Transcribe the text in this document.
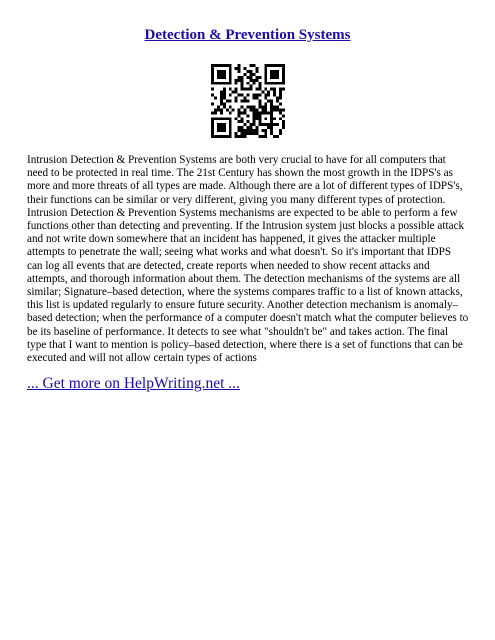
Detection & Prevention Systems
Intrusion Detection & Prevention Systems are both very crucial to have for all computers that need to be protected in real time. The 21st Century has shown the most growth in the IDPS's as more and more threats of all types are made. Although there are a lot of different types of IDPS's, their functions can be similar or very different, giving you many different types of protection. Intrusion Detection & Prevention Systems mechanisms are expected to be able to perform a few functions other than detecting and preventing. If the Intrusion system just blocks a possible attack and not write down somewhere that an incident has happened, it gives the attacker multiple attempts to penetrate the wall; seeing what works and what doesn't. So it's important that IDPS can log all events that are detected, create reports when needed to show recent attacks and attempts, and thorough information about them. The detection mechanisms of the systems are all similar; Signature–based detection, where the systems compares traffic to a list of known attacks, this list is updated regularly to ensure future security. Another detection mechanism is anomaly–based detection; when the performance of a computer doesn't match what the computer believes to be its baseline of performance. It detects to see what "shouldn't be" and takes action. The final type that I want to mention is policy–based detection, where there is a set of functions that can be executed and will not allow certain types of actions
... Get more on HelpWriting.net ...
